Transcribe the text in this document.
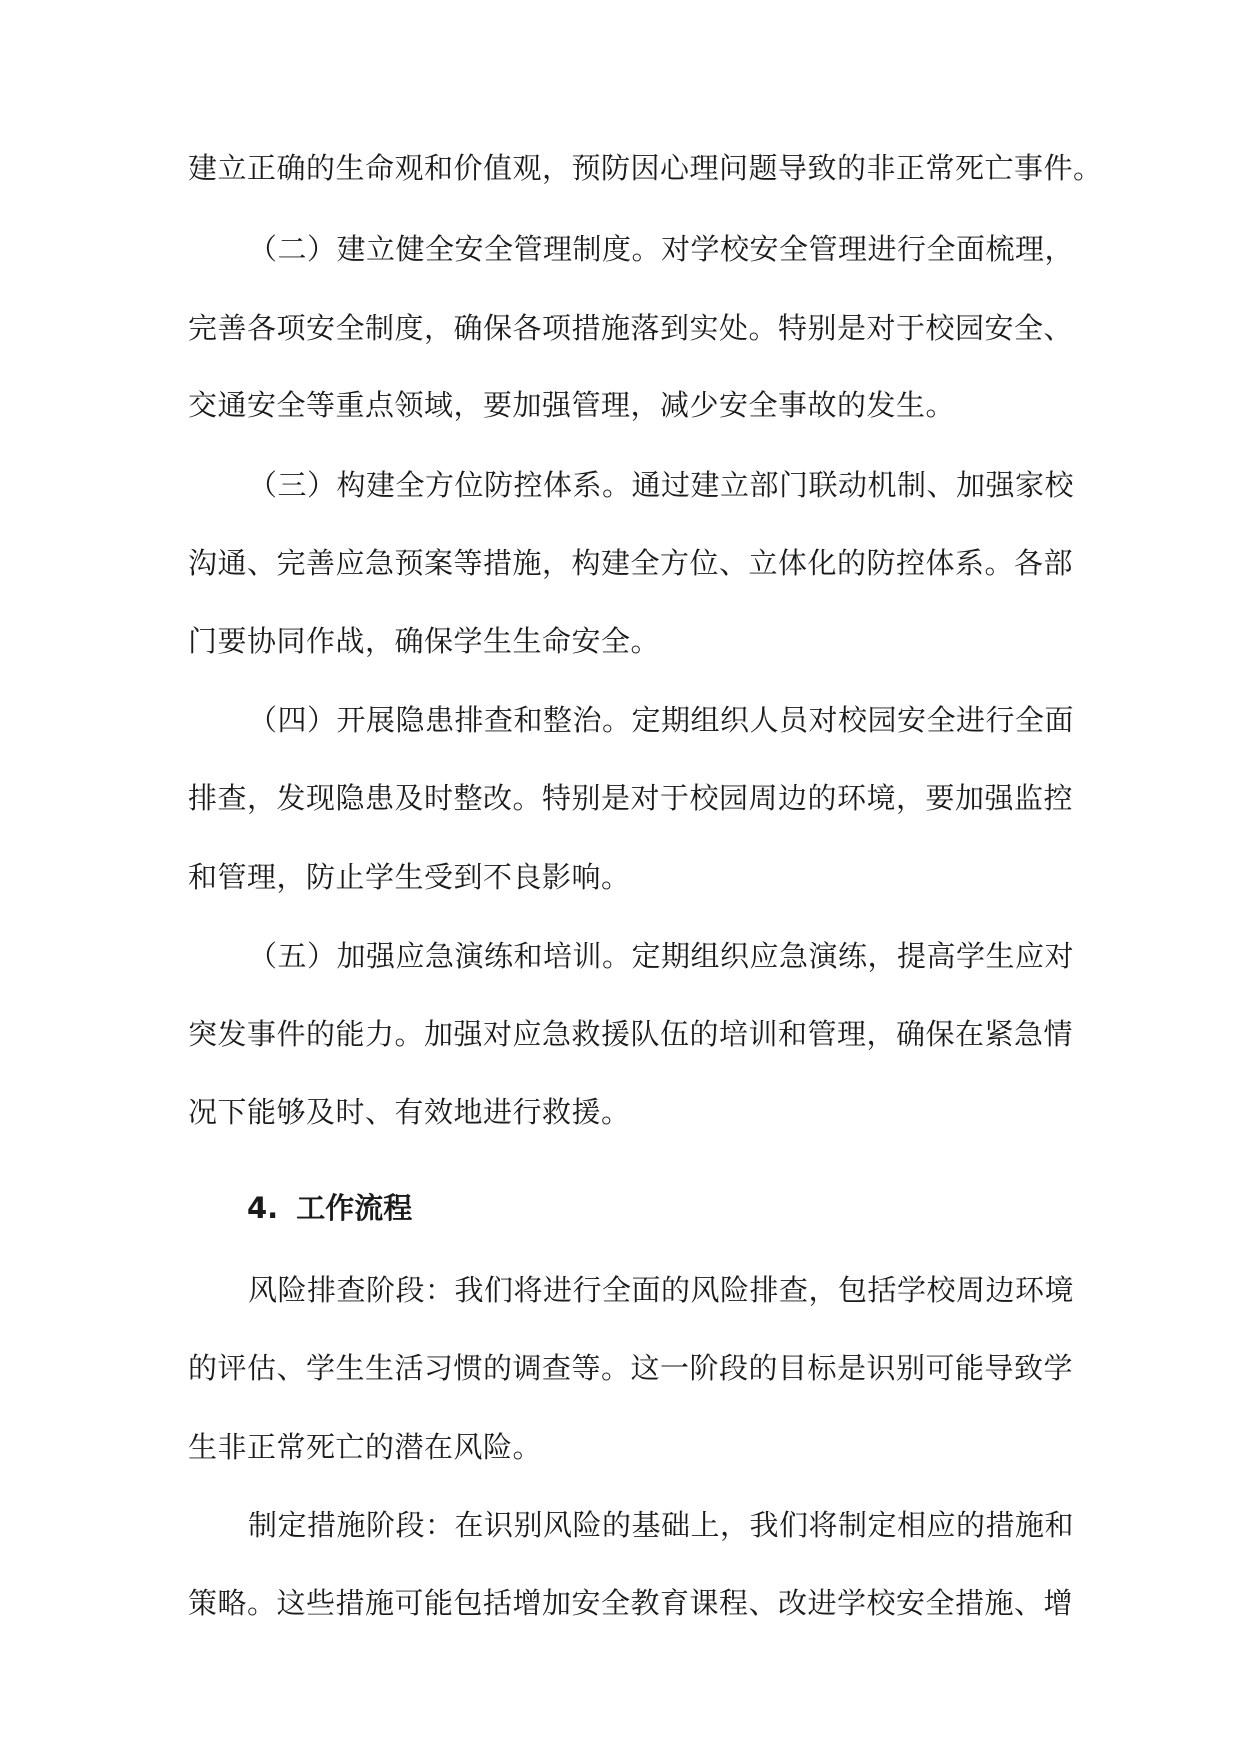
建立正确的生命观和价值观，预防因心理问题导致的非正常死亡事件。
（二）建立健全安全管理制度。对学校安全管理进行全面梳理，
完善各项安全制度，确保各项措施落到实处。特别是对于校园安全、
交通安全等重点领域，要加强管理，减少安全事故的发生。
（三）构建全方位防控体系。通过建立部门联动机制、加强家校
沟通、完善应急预案等措施，构建全方位、立体化的防控体系。各部
门要协同作战，确保学生生命安全。
（四）开展隐患排查和整治。定期组织人员对校园安全进行全面
排查，发现隐患及时整改。特别是对于校园周边的环境，要加强监控
和管理，防止学生受到不良影响。
（五）加强应急演练和培训。定期组织应急演练，提高学生应对
突发事件的能力。加强对应急救援队伍的培训和管理，确保在紧急情
况下能够及时、有效地进行救援。
4. 工作流程
风险排查阶段：我们将进行全面的风险排查，包括学校周边环境
的评估、学生生活习惯的调查等。这一阶段的目标是识别可能导致学
生非正常死亡的潜在风险。
制定措施阶段：在识别风险的基础上，我们将制定相应的措施和
策略。这些措施可能包括增加安全教育课程、改进学校安全措施、增
